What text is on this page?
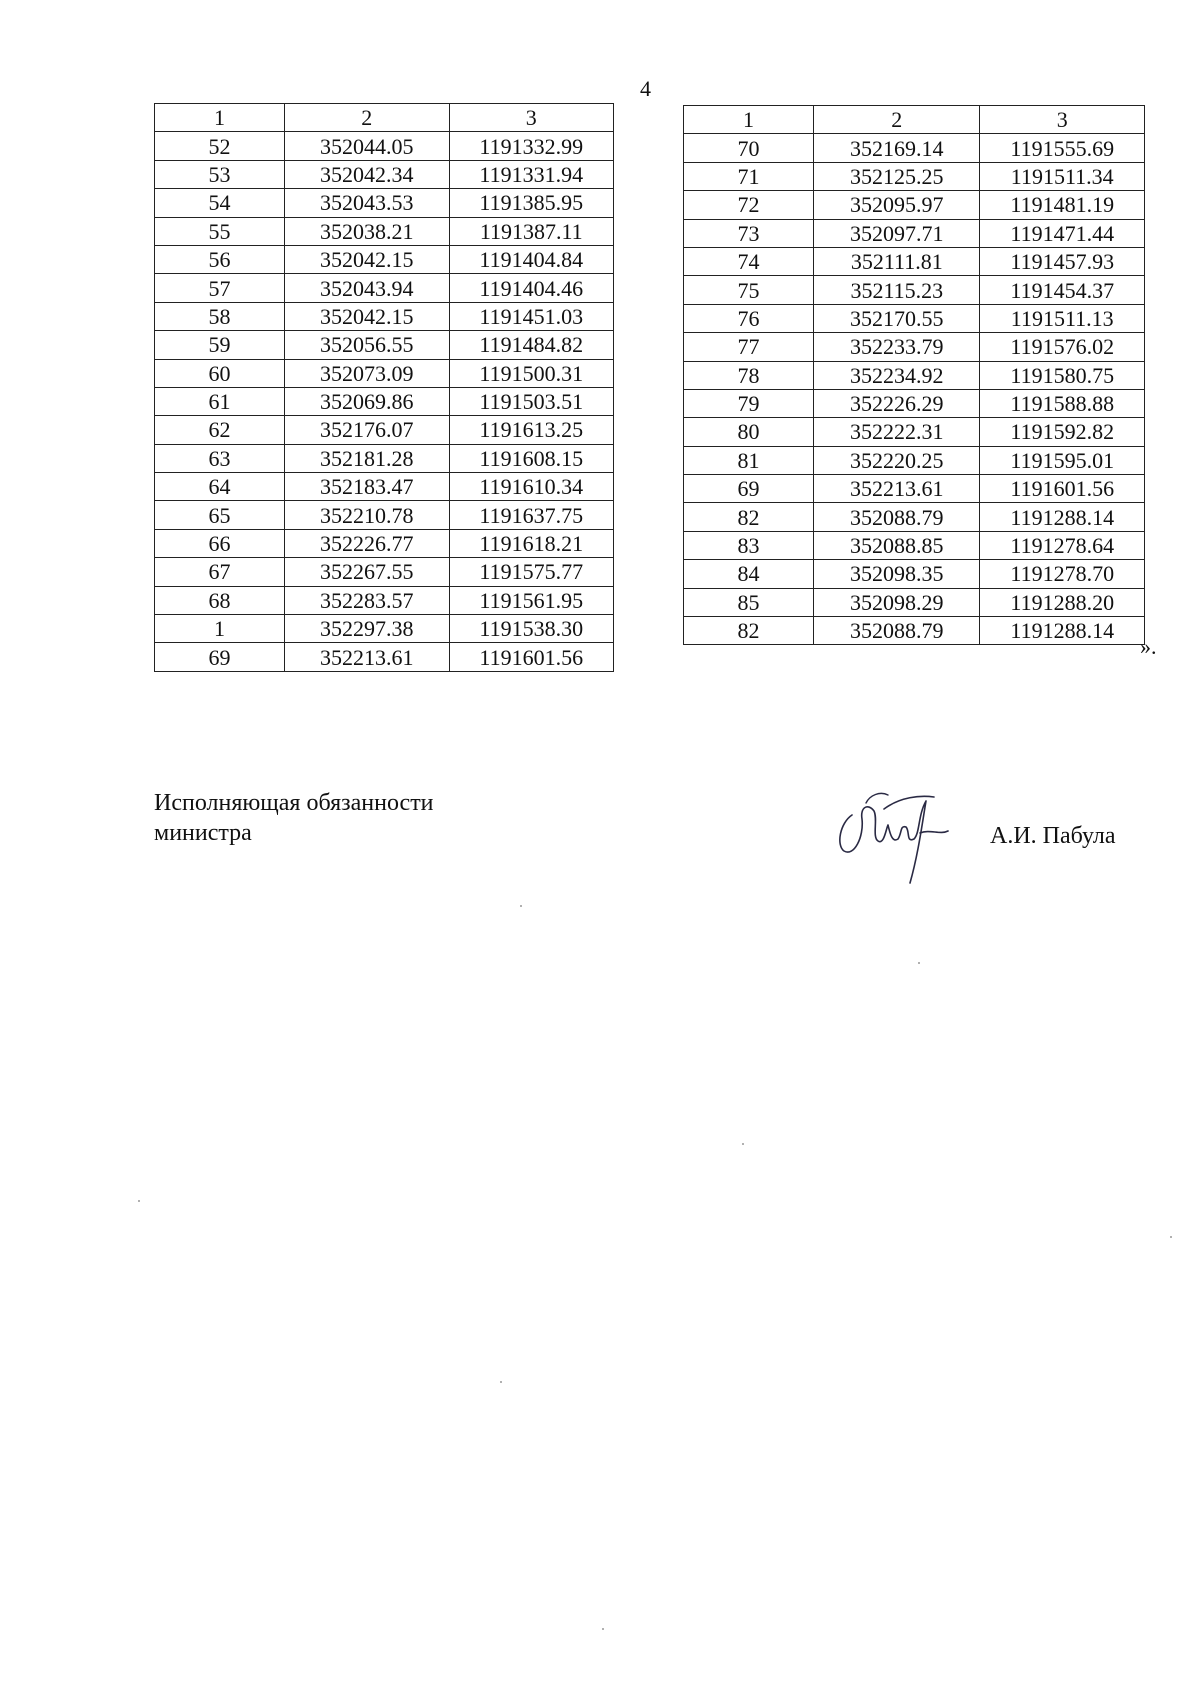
4
1	2	3
52	352044.05	1191332.99
53	352042.34	1191331.94
54	352043.53	1191385.95
55	352038.21	1191387.11
56	352042.15	1191404.84
57	352043.94	1191404.46
58	352042.15	1191451.03
59	352056.55	1191484.82
60	352073.09	1191500.31
61	352069.86	1191503.51
62	352176.07	1191613.25
63	352181.28	1191608.15
64	352183.47	1191610.34
65	352210.78	1191637.75
66	352226.77	1191618.21
67	352267.55	1191575.77
68	352283.57	1191561.95
1	352297.38	1191538.30
69	352213.61	1191601.56
1	2	3
70	352169.14	1191555.69
71	352125.25	1191511.34
72	352095.97	1191481.19
73	352097.71	1191471.44
74	352111.81	1191457.93
75	352115.23	1191454.37
76	352170.55	1191511.13
77	352233.79	1191576.02
78	352234.92	1191580.75
79	352226.29	1191588.88
80	352222.31	1191592.82
81	352220.25	1191595.01
69	352213.61	1191601.56
82	352088.79	1191288.14
83	352088.85	1191278.64
84	352098.35	1191278.70
85	352098.29	1191288.20
82	352088.79	1191288.14
».
Исполняющая обязанности
министра	А.И. Пабула
